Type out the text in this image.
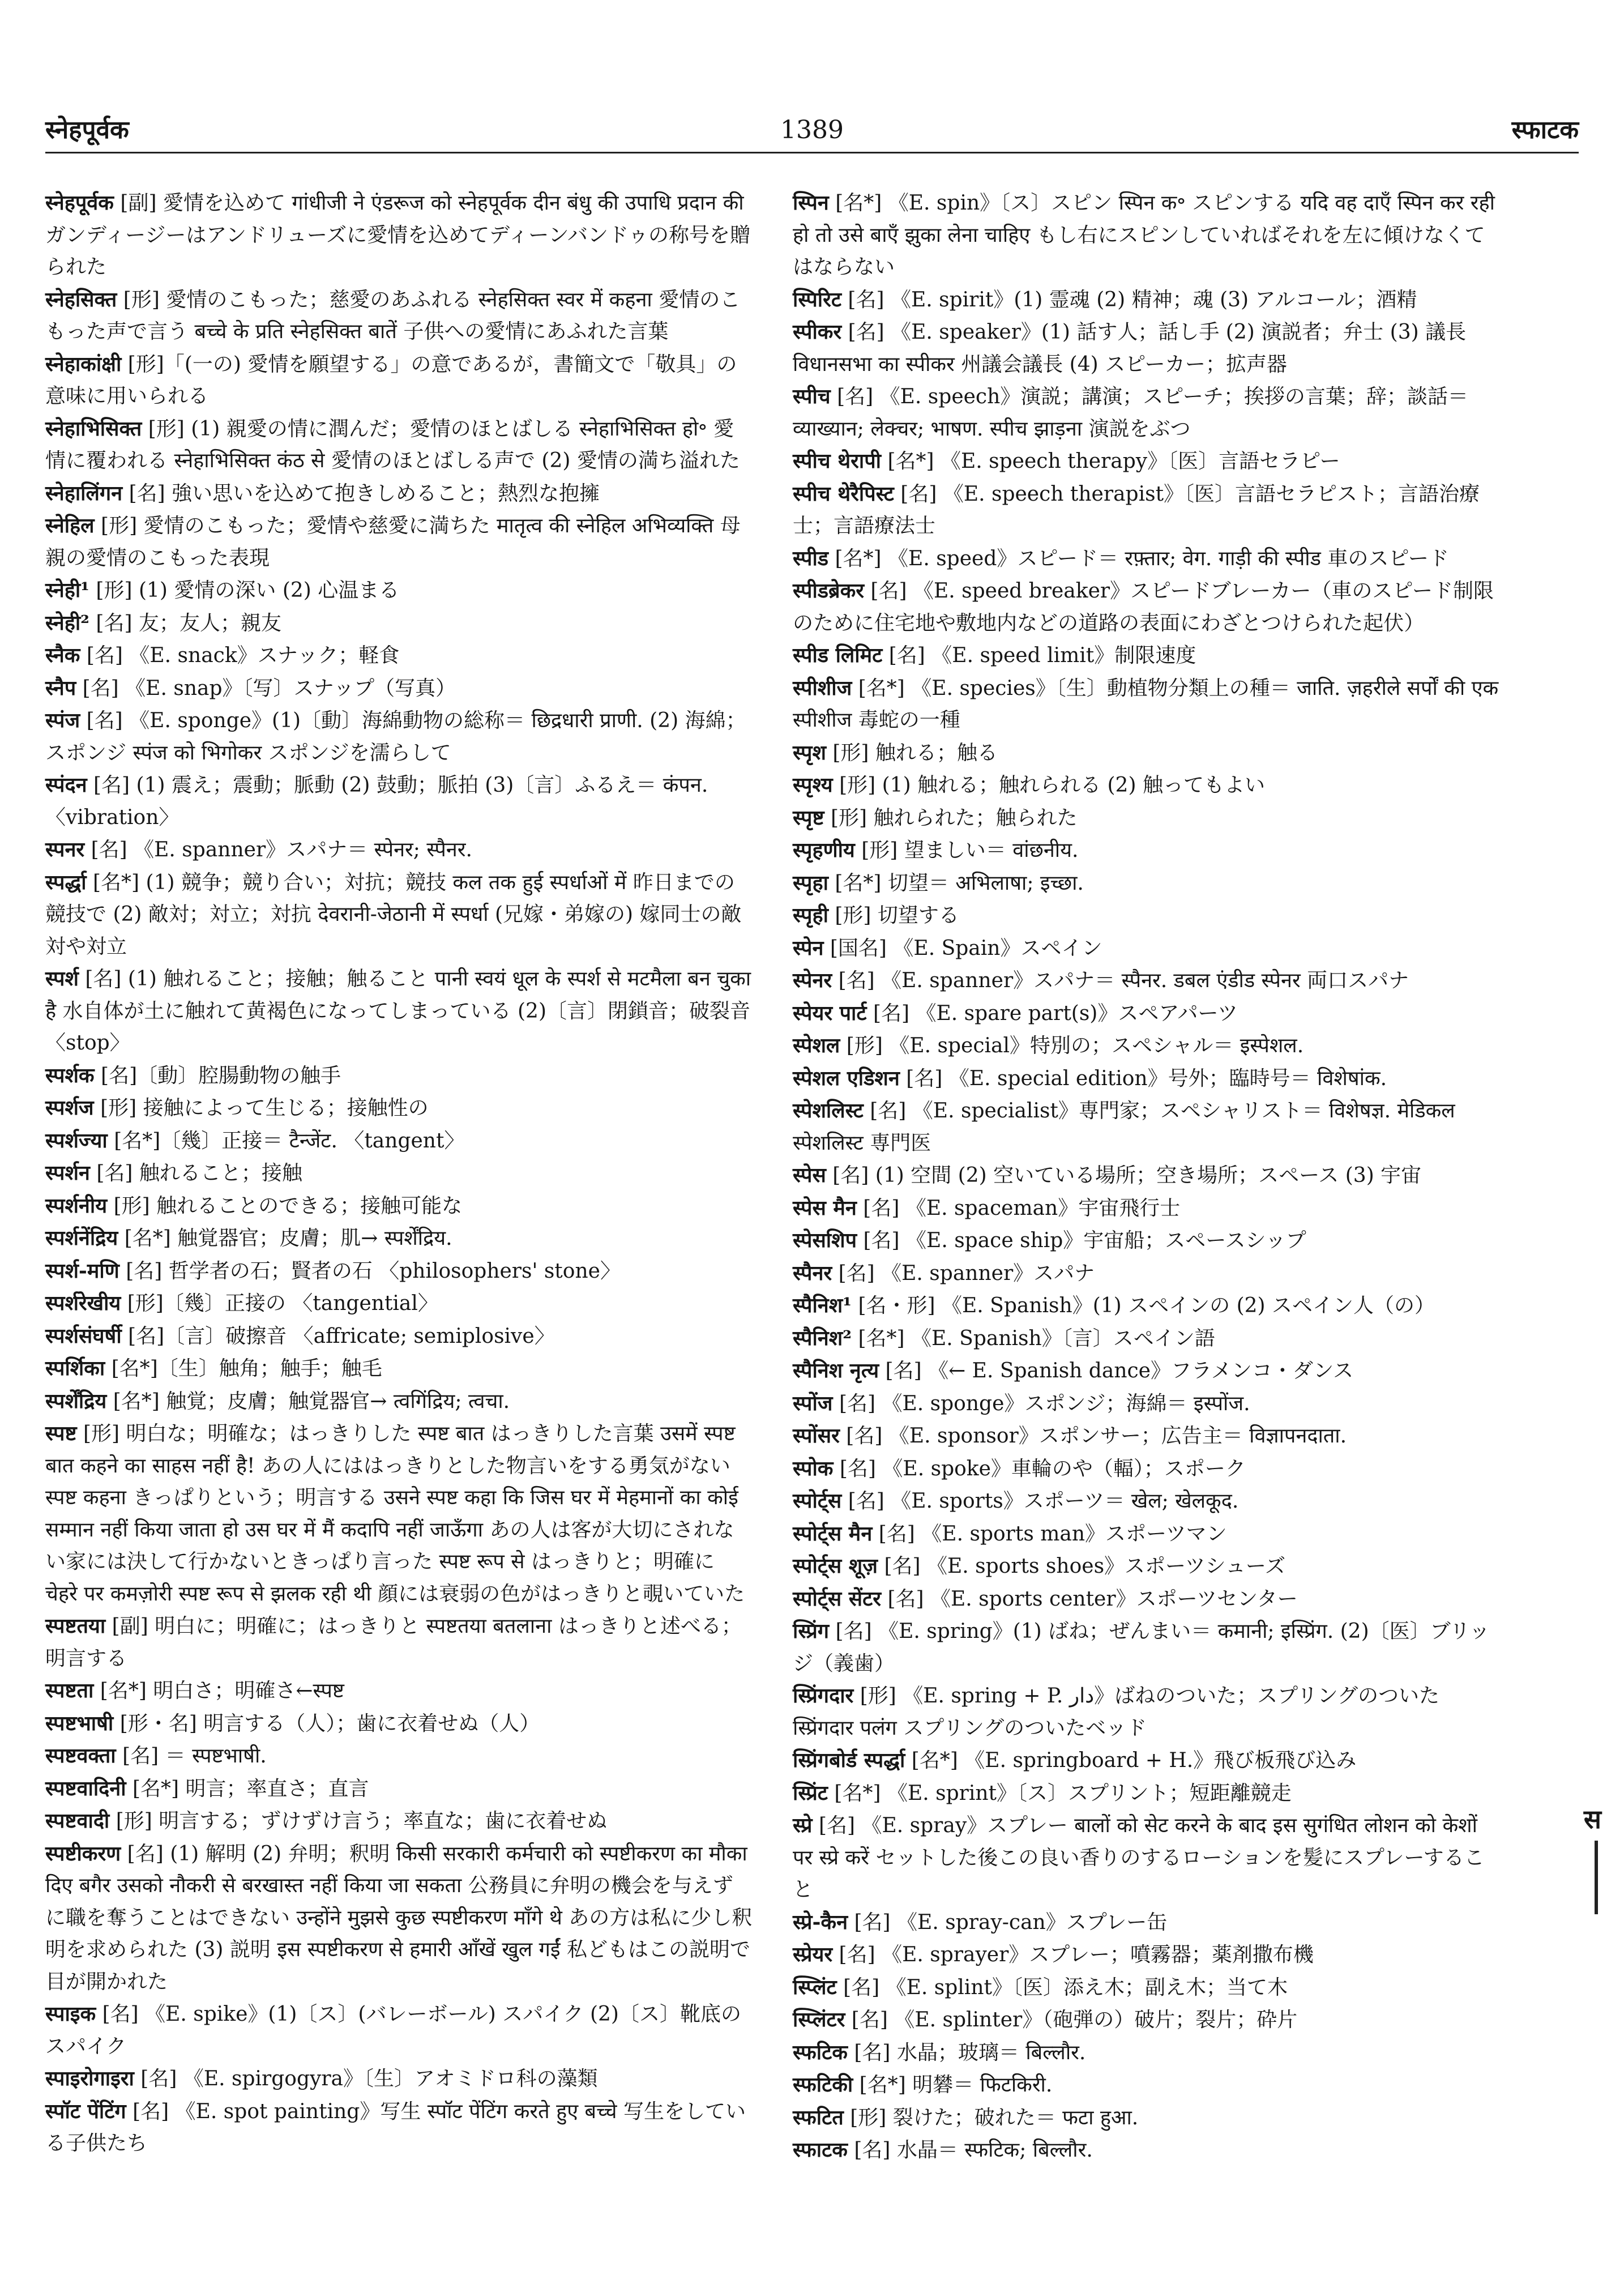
स्नेहपूर्वक	1389	स्फाटक

स्नेहपूर्वक [副] 愛情を込めて गांधीजी ने एंडरूज को स्नेहपूर्वक दीन बंधु की उपाधि प्रदान की ガンディージーはアンドリューズに愛情を込めてディーンバンドゥの称号を贈られた

स्नेहसिक्त [形] 愛情のこもった；慈愛のあふれる स्नेहसिक्त स्वर में कहना 愛情のこもった声で言う बच्चे के प्रति स्नेहसिक्त बातें 子供への愛情にあふれた言葉

स्नेहाकांक्षी [形]「(一の) 愛情を願望する」の意であるが，書簡文で「敬具」の意味に用いられる

स्नेहाभिसिक्त [形] (1) 親愛の情に潤んだ；愛情のほとばしる स्नेहाभिसिक्त हो॰ 愛情に覆われる स्नेहाभिसिक्त कंठ से 愛情のほとばしる声で (2) 愛情の満ち溢れた

स्नेहालिंगन [名] 強い思いを込めて抱きしめること；熱烈な抱擁

स्नेहिल [形] 愛情のこもった；愛情や慈愛に満ちた मातृत्व की स्नेहिल अभिव्यक्ति 母親の愛情のこもった表現

स्नेही¹ [形] (1) 愛情の深い (2) 心温まる

स्नेही² [名] 友；友人；親友

स्नैक [名] 《E. snack》スナック；軽食

स्नैप [名] 《E. snap》〔写〕スナップ（写真）

स्पंज [名] 《E. sponge》(1)〔動〕海綿動物の総称＝ छिद्रधारी प्राणी. (2) 海綿；スポンジ स्पंज को भिगोकर スポンジを濡らして

स्पंदन [名] (1) 震え；震動；脈動 (2) 鼓動；脈拍 (3)〔言〕ふるえ＝ कंपन. 〈vibration〉

स्पनर [名] 《E. spanner》スパナ＝ स्पेनर; स्पैनर.

स्पर्द्धा [名*] (1) 競争；競り合い；対抗；競技 कल तक हुई स्पर्धाओं में 昨日までの競技で (2) 敵対；対立；対抗 देवरानी-जेठानी में स्पर्धा (兄嫁・弟嫁の) 嫁同士の敵対や対立

स्पर्श [名] (1) 触れること；接触；触ること पानी स्वयं धूल के स्पर्श से मटमैला बन चुका है 水自体が土に触れて黄褐色になってしまっている (2)〔言〕閉鎖音；破裂音 〈stop〉

स्पर्शक [名]〔動〕腔腸動物の触手

स्पर्शज [形] 接触によって生じる；接触性の

स्पर्शज्या [名*]〔幾〕正接＝ टैन्जेंट. 〈tangent〉

स्पर्शन [名] 触れること；接触

स्पर्शनीय [形] 触れることのできる；接触可能な

स्पर्शनेंद्रिय [名*] 触覚器官；皮膚；肌→ स्पर्शेंद्रिय.

स्पर्श-मणि [名] 哲学者の石；賢者の石 〈philosophers' stone〉

स्पर्शरेखीय [形]〔幾〕正接の 〈tangential〉

स्पर्शसंघर्षी [名]〔言〕破擦音 〈affricate; semiplosive〉

स्पर्शिका [名*]〔生〕触角；触手；触毛

स्पर्शेंद्रिय [名*] 触覚；皮膚；触覚器官→ त्वगिंद्रिय; त्वचा.

स्पष्ट [形] 明白な；明確な；はっきりした स्पष्ट बात はっきりした言葉 उसमें स्पष्ट बात कहने का साहस नहीं है! あの人にははっきりとした物言いをする勇気がない स्पष्ट कहना きっぱりという；明言する उसने स्पष्ट कहा कि जिस घर में मेहमानों का कोई सम्मान नहीं किया जाता हो उस घर में मैं कदापि नहीं जाऊँगा あの人は客が大切にされない家には決して行かないときっぱり言った स्पष्ट रूप से はっきりと；明確に चेहरे पर कमज़ोरी स्पष्ट रूप से झलक रही थी 顔には衰弱の色がはっきりと覗いていた

स्पष्टतया [副] 明白に；明確に；はっきりと स्पष्टतया बतलाना はっきりと述べる；明言する

स्पष्टता [名*] 明白さ；明確さ←स्पष्ट

स्पष्टभाषी [形・名] 明言する（人）；歯に衣着せぬ（人）

स्पष्टवक्ता [名] ＝ स्पष्टभाषी.

स्पष्टवादिनी [名*] 明言；率直さ；直言

स्पष्टवादी [形] 明言する；ずけずけ言う；率直な；歯に衣着せぬ

स्पष्टीकरण [名] (1) 解明 (2) 弁明；釈明 किसी सरकारी कर्मचारी को स्पष्टीकरण का मौका दिए बगैर उसको नौकरी से बरखास्त नहीं किया जा सकता 公務員に弁明の機会を与えずに職を奪うことはできない उन्होंने मुझसे कुछ स्पष्टीकरण माँगे थे あの方は私に少し釈明を求められた (3) 説明 इस स्पष्टीकरण से हमारी आँखें खुल गईं 私どもはこの説明で目が開かれた

स्पाइक [名] 《E. spike》(1)〔ス〕(バレーボール) スパイク (2)〔ス〕靴底のスパイク

स्पाइरोगाइरा [名] 《E. spirgogyra》〔生〕アオミドロ科の藻類

स्पॉट पेंटिंग [名] 《E. spot painting》写生 स्पॉट पेंटिंग करते हुए बच्चे 写生をしている子供たち

स्पिन [名*] 《E. spin》〔ス〕スピン स्पिन क॰ スピンする यदि वह दाएँ स्पिन कर रही हो तो उसे बाएँ झुका लेना चाहिए もし右にスピンしていればそれを左に傾けなくてはならない

स्पिरिट [名] 《E. spirit》(1) 霊魂 (2) 精神；魂 (3) アルコール；酒精

स्पीकर [名] 《E. speaker》(1) 話す人；話し手 (2) 演説者；弁士 (3) 議長 विधानसभा का स्पीकर 州議会議長 (4) スピーカー；拡声器

स्पीच [名] 《E. speech》演説；講演；スピーチ；挨拶の言葉；辞；談話＝ व्याख्यान; लेक्चर; भाषण. स्पीच झाड़ना 演説をぶつ

स्पीच थेरापी [名*] 《E. speech therapy》〔医〕言語セラピー

स्पीच थेरैपिस्ट [名] 《E. speech therapist》〔医〕言語セラピスト；言語治療士；言語療法士

स्पीड [名*] 《E. speed》スピード＝ रफ़्तार; वेग. गाड़ी की स्पीड 車のスピード

स्पीडब्रेकर [名] 《E. speed breaker》スピードブレーカー（車のスピード制限のために住宅地や敷地内などの道路の表面にわざとつけられた起伏）

स्पीड लिमिट [名] 《E. speed limit》制限速度

स्पीशीज [名*] 《E. species》〔生〕動植物分類上の種＝ जाति. ज़हरीले सर्पों की एक स्पीशीज 毒蛇の一種

स्पृश [形] 触れる；触る

स्पृश्य [形] (1) 触れる；触れられる (2) 触ってもよい

स्पृष्ट [形] 触れられた；触られた

स्पृहणीय [形] 望ましい＝ वांछनीय.

स्पृहा [名*] 切望＝ अभिलाषा; इच्छा.

स्पृही [形] 切望する

स्पेन [国名] 《E. Spain》スペイン

स्पेनर [名] 《E. spanner》スパナ＝ स्पैनर. डबल एंडीड स्पेनर 両口スパナ

स्पेयर पार्ट [名] 《E. spare part(s)》スペアパーツ

स्पेशल [形] 《E. special》特別の；スペシャル＝ इस्पेशल.

स्पेशल एडिशन [名] 《E. special edition》号外；臨時号＝ विशेषांक.

स्पेशलिस्ट [名] 《E. specialist》専門家；スペシャリスト＝ विशेषज्ञ. मेडिकल स्पेशलिस्ट 専門医

स्पेस [名] (1) 空間 (2) 空いている場所；空き場所；スペース (3) 宇宙

स्पेस मैन [名] 《E. spaceman》宇宙飛行士

स्पेसशिप [名] 《E. space ship》宇宙船；スペースシップ

स्पैनर [名] 《E. spanner》スパナ

स्पैनिश¹ [名・形] 《E. Spanish》(1) スペインの (2) スペイン人（の）

स्पैनिश² [名*] 《E. Spanish》〔言〕スペイン語

स्पैनिश नृत्य [名] 《← E. Spanish dance》フラメンコ・ダンス

स्पोंज [名] 《E. sponge》スポンジ；海綿＝ इस्पोंज.

स्पोंसर [名] 《E. sponsor》スポンサー；広告主＝ विज्ञापनदाता.

स्पोक [名] 《E. spoke》車輪のや（輻）；スポーク

स्पोर्ट्स [名] 《E. sports》スポーツ＝ खेल; खेलकूद.

स्पोर्ट्स मैन [名] 《E. sports man》スポーツマン

स्पोर्ट्स शूज़ [名] 《E. sports shoes》スポーツシューズ

स्पोर्ट्स सेंटर [名] 《E. sports center》スポーツセンター

स्प्रिंग [名] 《E. spring》(1) ばね；ぜんまい＝ कमानी; इस्प्रिंग. (2)〔医〕ブリッジ（義歯）

स्प्रिंगदार [形] 《E. spring + P. دار》ばねのついた；スプリングのついた स्प्रिंगदार पलंग スプリングのついたベッド

स्प्रिंगबोर्ड स्पर्द्धा [名*] 《E. springboard + H.》飛び板飛び込み

स्प्रिंट [名*] 《E. sprint》〔ス〕スプリント；短距離競走

स्प्रे [名] 《E. spray》スプレー बालों को सेट करने के बाद इस सुगंधित लोशन को केशों पर स्प्रे करें セットした後この良い香りのするローションを髪にスプレーすること

स्प्रे-कैन [名] 《E. spray-can》スプレー缶

स्प्रेयर [名] 《E. sprayer》スプレー；噴霧器；薬剤撒布機

स्प्लिंट [名] 《E. splint》〔医〕添え木；副え木；当て木

स्प्लिंटर [名] 《E. splinter》（砲弾の）破片；裂片；砕片

स्फटिक [名] 水晶；玻璃＝ बिल्लौर.

स्फटिकी [名*] 明礬＝ फिटकिरी.

स्फटित [形] 裂けた；破れた＝ फटा हुआ.

स्फाटक [名] 水晶＝ स्फटिक; बिल्लौर.

स
